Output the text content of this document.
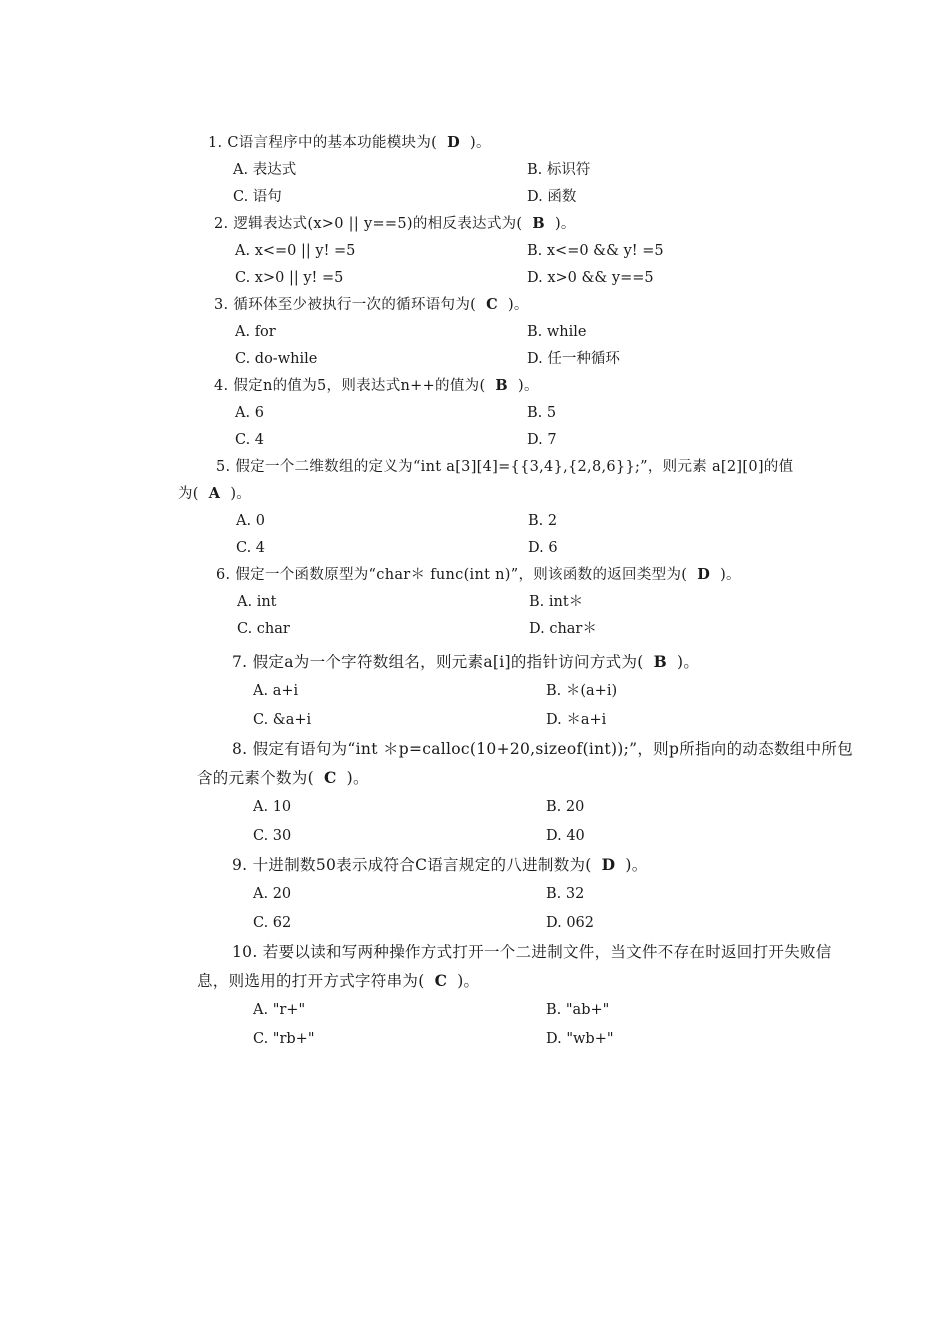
1. C语言程序中的基本功能模块为( D )。
A. 表达式	B. 标识符
C. 语句	D. 函数
2. 逻辑表达式(x>0 || y==5)的相反表达式为( B )。
A. x<=0 || y! =5	B. x<=0 && y! =5
C. x>0 || y! =5	D. x>0 && y==5
3. 循环体至少被执行一次的循环语句为( C )。
A. for	B. while
C. do-while	D. 任一种循环
4. 假定n的值为5，则表达式n++的值为( B )。
A. 6	B. 5
C. 4	D. 7
5. 假定一个二维数组的定义为“int a[3][4]={{3,4},{2,8,6}};”，则元素 a[2][0]的值
为( A )。
A. 0	B. 2
C. 4	D. 6
6. 假定一个函数原型为“char＊ func(int n)”，则该函数的返回类型为( D )。
A. int	B. int＊
C. char	D. char＊
7. 假定a为一个字符数组名，则元素a[i]的指针访问方式为( B )。
A. a+i	B. ＊(a+i)
C. &a+i	D. ＊a+i
8. 假定有语句为“int ＊p=calloc(10+20,sizeof(int));”，则p所指向的动态数组中所包
含的元素个数为( C )。
A. 10	B. 20
C. 30	D. 40
9. 十进制数50表示成符合C语言规定的八进制数为( D )。
A. 20	B. 32
C. 62	D. 062
10. 若要以读和写两种操作方式打开一个二进制文件，当文件不存在时返回打开失败信
息，则选用的打开方式字符串为( C )。
A. "r+"	B. "ab+"
C. "rb+"	D. "wb+"
